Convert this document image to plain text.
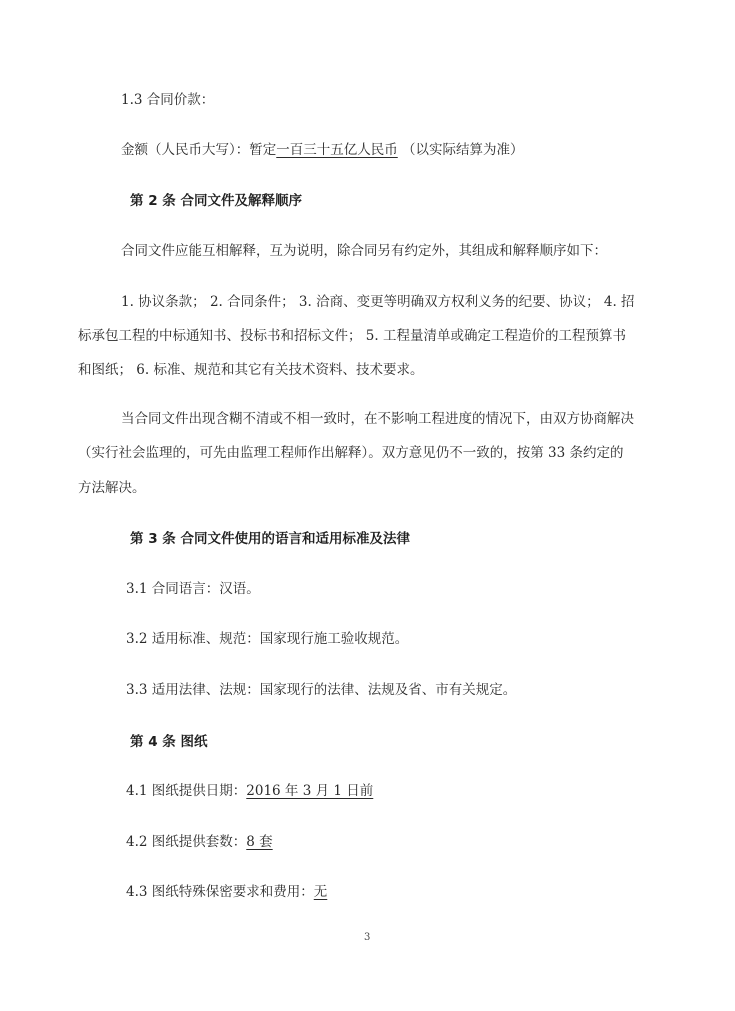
1.3 合同价款：
金额（人民币大写）：暂定一百三十五亿人民币 （以实际结算为准）
第 2 条 合同文件及解释顺序
合同文件应能互相解释，互为说明，除合同另有约定外，其组成和解释顺序如下：
1. 协议条款； 2. 合同条件； 3. 洽商、变更等明确双方权利义务的纪要、协议； 4. 招
标承包工程的中标通知书、投标书和招标文件； 5. 工程量清单或确定工程造价的工程预算书
和图纸； 6. 标准、规范和其它有关技术资料、技术要求。
当合同文件出现含糊不清或不相一致时，在不影响工程进度的情况下，由双方协商解决
（实行社会监理的，可先由监理工程师作出解释）。双方意见仍不一致的，按第 33 条约定的
方法解决。
第 3 条 合同文件使用的语言和适用标准及法律
3.1 合同语言：汉语。
3.2 适用标准、规范：国家现行施工验收规范。
3.3 适用法律、法规：国家现行的法律、法规及省、市有关规定。
第 4 条 图纸
4.1 图纸提供日期：2016 年 3 月 1 日前
4.2 图纸提供套数：8 套
4.3 图纸特殊保密要求和费用：无
3
